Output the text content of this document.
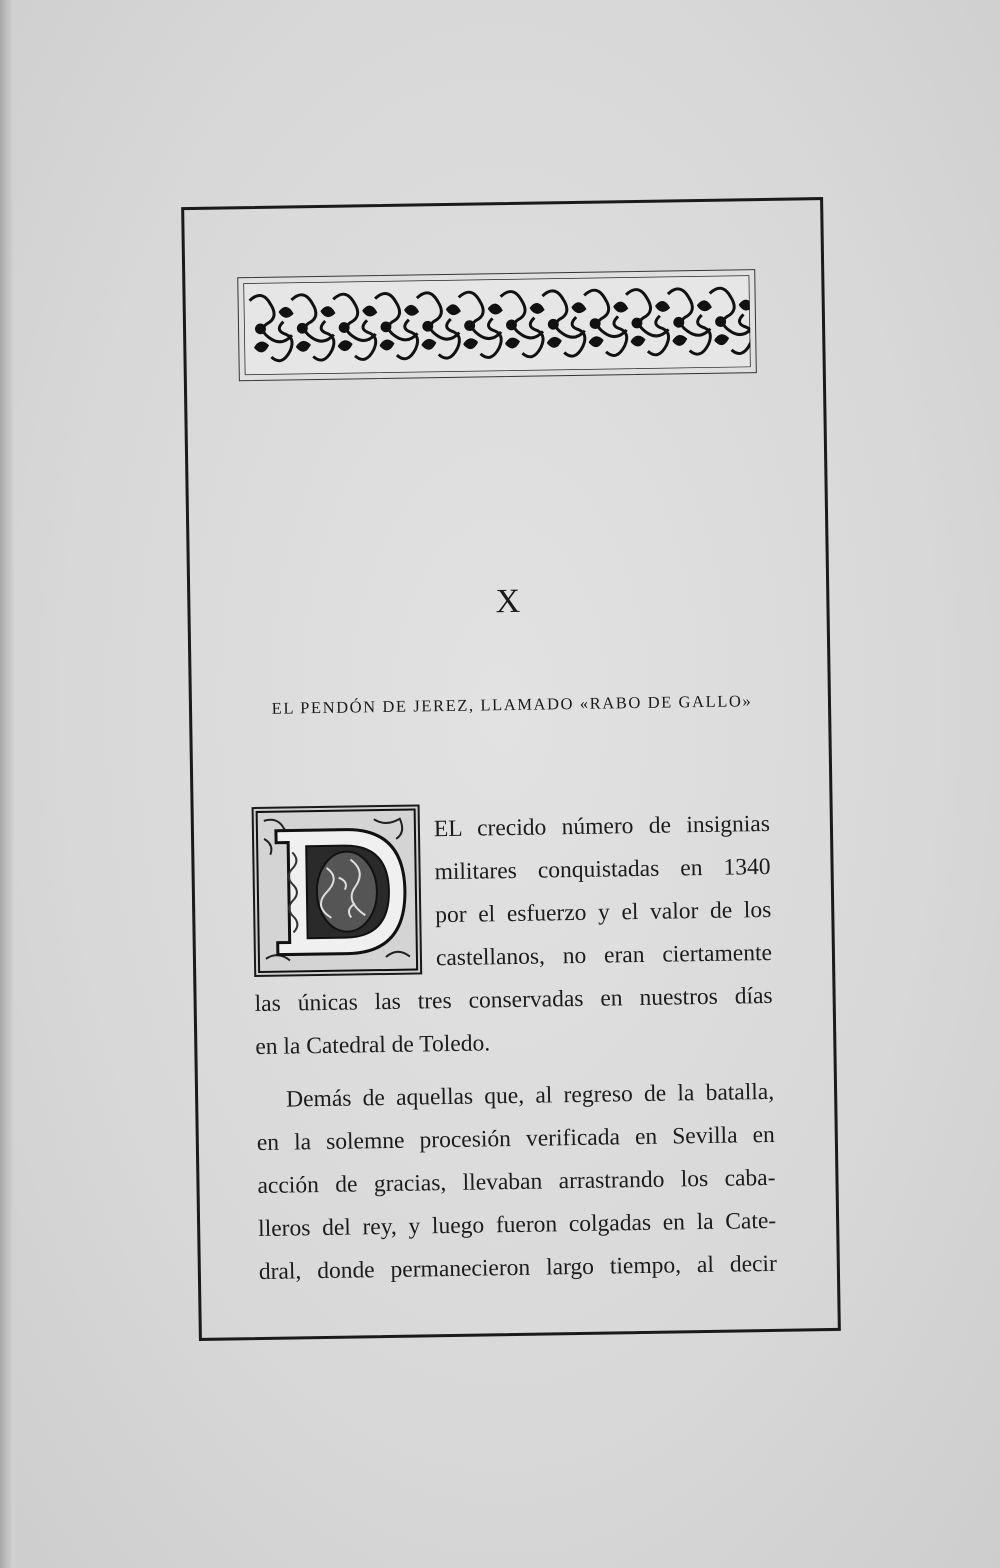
X
EL PENDÓN DE JEREZ, LLAMADO «RABO DE GALLO»
EL crecido número de insignias
militares conquistadas en 1340
por el esfuerzo y el valor de los
castellanos, no eran ciertamente
las únicas las tres conservadas en nuestros días
en la Catedral de Toledo.
Demás de aquellas que, al regreso de la batalla,
en la solemne procesión verificada en Sevilla en
acción de gracias, llevaban arrastrando los caba-
lleros del rey, y luego fueron colgadas en la Cate-
dral, donde permanecieron largo tiempo, al decir
